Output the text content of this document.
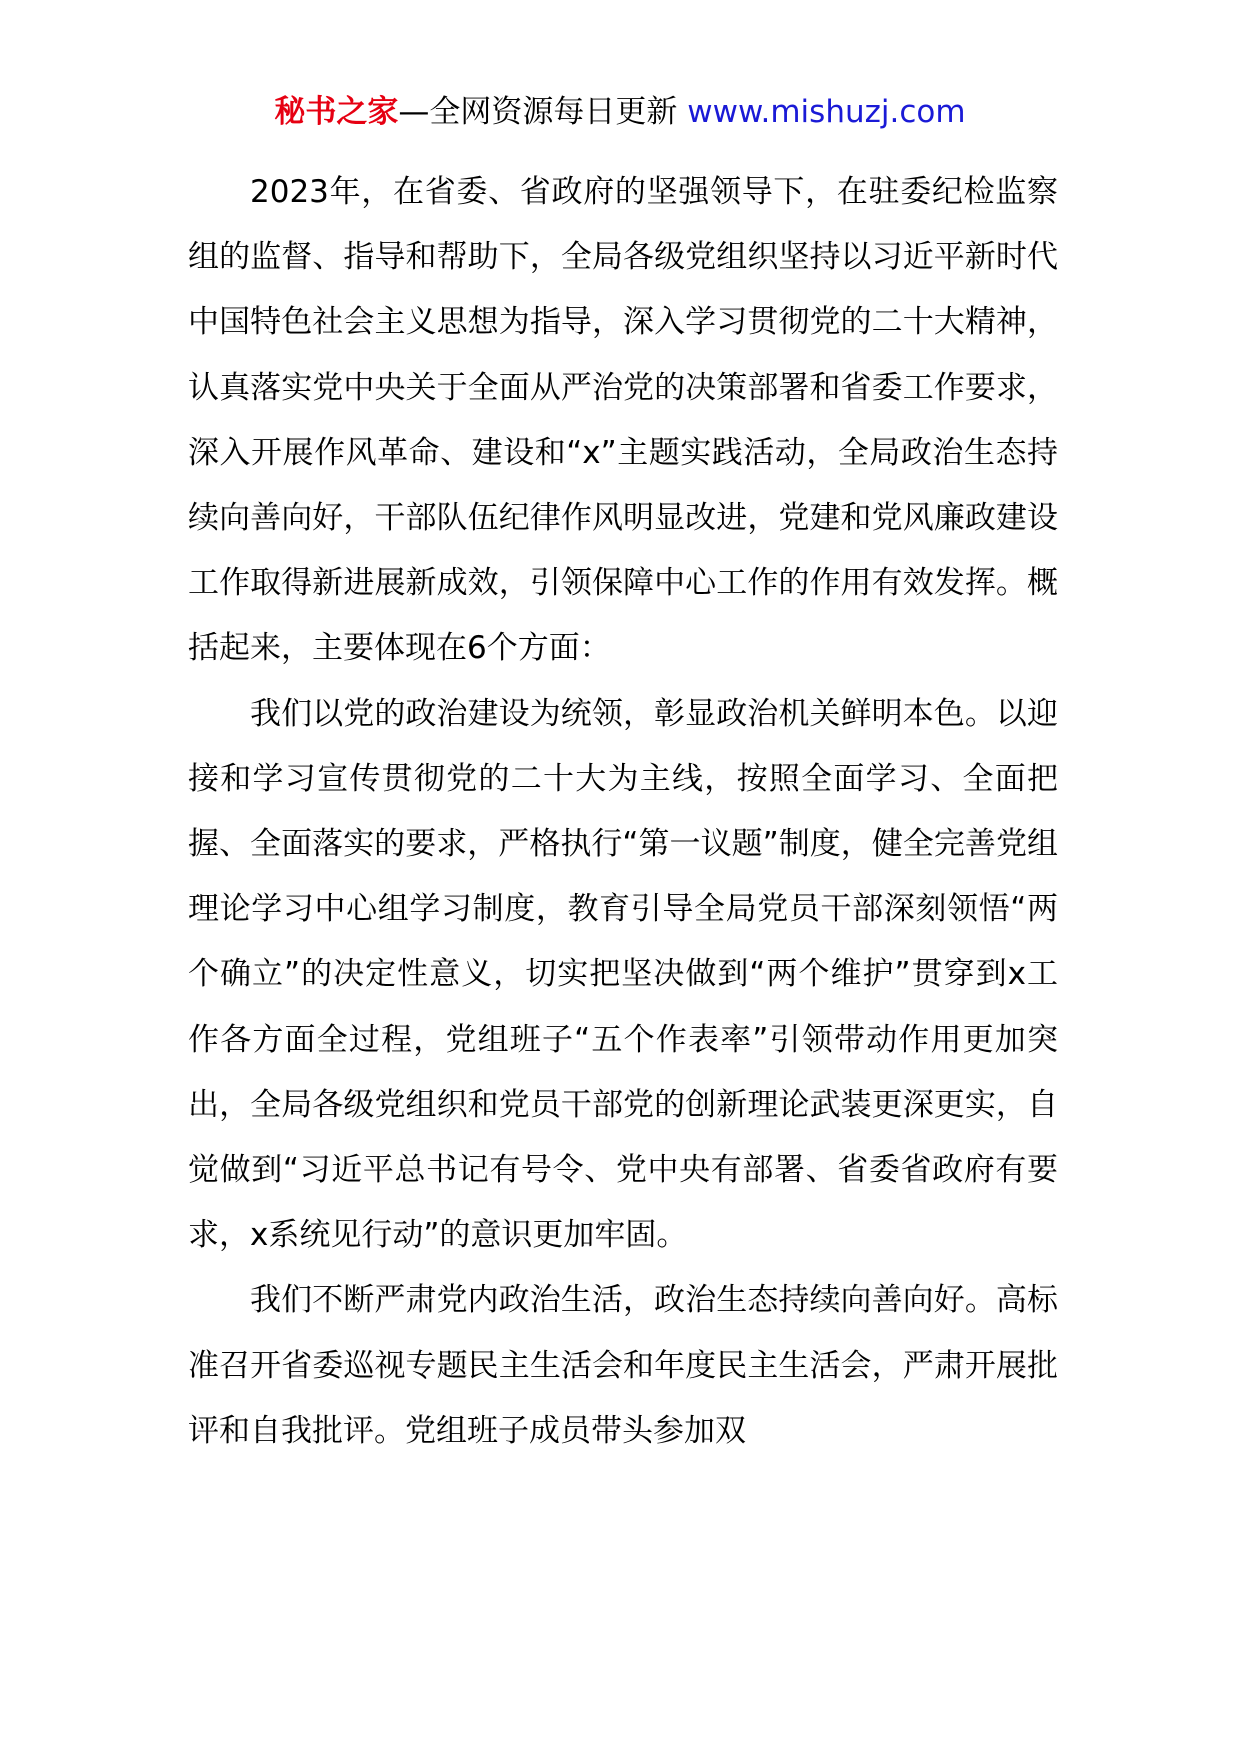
秘书之家—全网资源每日更新 www.mishuzj.com

2023年，在省委、省政府的坚强领导下，在驻委纪检监察组的监督、指导和帮助下，全局各级党组织坚持以习近平新时代中国特色社会主义思想为指导，深入学习贯彻党的二十大精神，认真落实党中央关于全面从严治党的决策部署和省委工作要求，深入开展作风革命、建设和“x”主题实践活动，全局政治生态持续向善向好，干部队伍纪律作风明显改进，党建和党风廉政建设工作取得新进展新成效，引领保障中心工作的作用有效发挥。概括起来，主要体现在6个方面：

我们以党的政治建设为统领，彰显政治机关鲜明本色。以迎接和学习宣传贯彻党的二十大为主线，按照全面学习、全面把握、全面落实的要求，严格执行“第一议题”制度，健全完善党组理论学习中心组学习制度，教育引导全局党员干部深刻领悟“两个确立”的决定性意义，切实把坚决做到“两个维护”贯穿到x工作各方面全过程，党组班子“五个作表率”引领带动作用更加突出，全局各级党组织和党员干部党的创新理论武装更深更实，自觉做到“习近平总书记有号令、党中央有部署、省委省政府有要求，x系统见行动”的意识更加牢固。

我们不断严肃党内政治生活，政治生态持续向善向好。高标准召开省委巡视专题民主生活会和年度民主生活会，严肃开展批评和自我批评。党组班子成员带头参加双
